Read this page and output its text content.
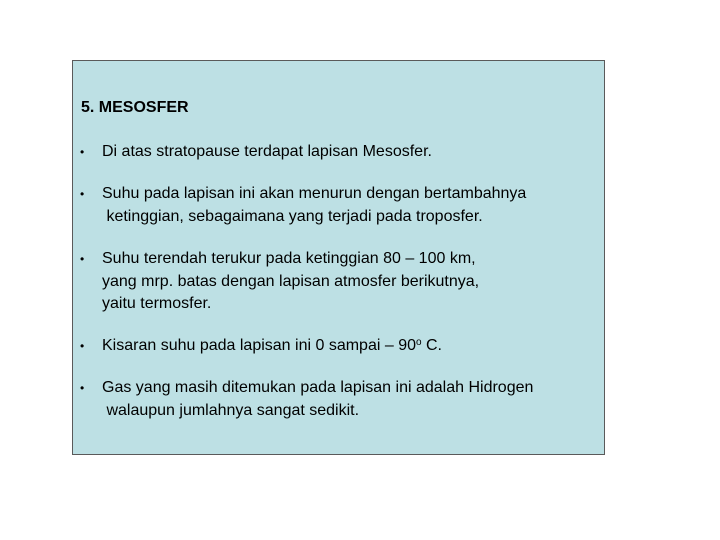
5. MESOSFER
•	Di atas stratopause terdapat lapisan Mesosfer.
•	Suhu pada lapisan ini akan menurun dengan bertambahnya
ketinggian, sebagaimana yang terjadi pada troposfer.
•	Suhu terendah terukur pada ketinggian 80 – 100 km,
yang mrp. batas dengan lapisan atmosfer berikutnya,
yaitu termosfer.
•	Kisaran suhu pada lapisan ini 0 sampai – 90$^o$ C.
•	Gas yang masih ditemukan pada lapisan ini adalah Hidrogen
walaupun jumlahnya sangat sedikit.
